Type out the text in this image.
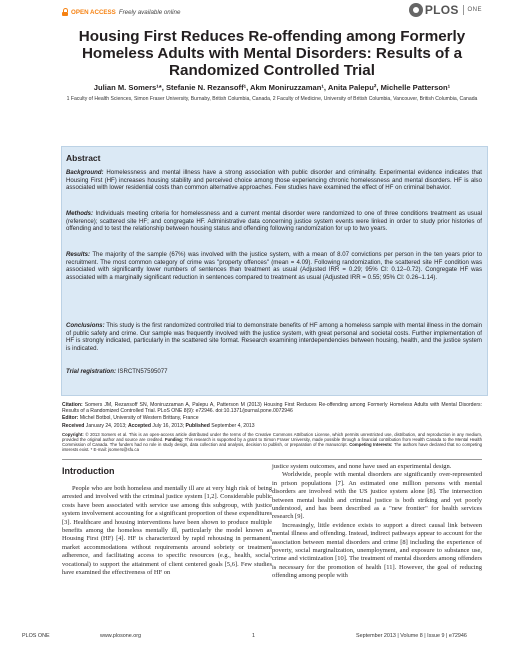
OPEN ACCESS Freely available online	PLOS ONE
Housing First Reduces Re-offending among Formerly Homeless Adults with Mental Disorders: Results of a Randomized Controlled Trial
Julian M. Somers¹*, Stefanie N. Rezansoff¹, Akm Moniruzzaman¹, Anita Palepu², Michelle Patterson¹
1 Faculty of Health Sciences, Simon Fraser University, Burnaby, British Columbia, Canada, 2 Faculty of Medicine, University of British Columbia, Vancouver, British Columbia, Canada
Abstract
Background: Homelessness and mental illness have a strong association with public disorder and criminality. Experimental evidence indicates that Housing First (HF) increases housing stability and perceived choice among those experiencing chronic homelessness and mental disorders. HF is also associated with lower residential costs than common alternative approaches. Few studies have examined the effect of HF on criminal behavior.
Methods: Individuals meeting criteria for homelessness and a current mental disorder were randomized to one of three conditions treatment as usual (reference); scattered site HF; and congregate HF. Administrative data concerning justice system events were linked in order to study prior histories of offending and to test the relationship between housing status and offending following randomization for up to two years.
Results: The majority of the sample (67%) was involved with the justice system, with a mean of 8.07 convictions per person in the ten years prior to recruitment. The most common category of crime was "property offences" (mean = 4.09). Following randomization, the scattered site HF condition was associated with significantly lower numbers of sentences than treatment as usual (Adjusted IRR = 0.29; 95% CI: 0.12–0.72). Congregate HF was associated with a marginally significant reduction in sentences compared to treatment as usual (Adjusted IRR = 0.55; 95% CI: 0.26–1.14).
Conclusions: This study is the first randomized controlled trial to demonstrate benefits of HF among a homeless sample with mental illness in the domain of public safety and crime. Our sample was frequently involved with the justice system, with great personal and societal costs. Further implementation of HF is strongly indicated, particularly in the scattered site format. Research examining interdependencies between housing, health, and the justice system is indicated.
Trial registration: ISRCTN57595077
Citation: Somers JM, Rezansoff SN, Moniruzzaman A, Palepu A, Patterson M (2013) Housing First Reduces Re-offending among Formerly Homeless Adults with Mental Disorders: Results of a Randomized Controlled Trial. PLoS ONE 8(9): e72946. doi:10.1371/journal.pone.0072946
Editor: Michel Botbol, University of Western Brittany, France
Received January 24, 2013; Accepted July 16, 2013; Published September 4, 2013
Copyright: © 2013 Somers et al. This is an open-access article distributed under the terms of the Creative Commons Attribution License, which permits unrestricted use, distribution, and reproduction in any medium, provided the original author and source are credited. Funding: This research is supported by a grant to Simon Fraser University, made possible through a financial contribution from Health Canada to the Mental Health Commission of Canada. The funders had no role in study design, data collection and analysis, decision to publish, or preparation of the manuscript. Competing Interests: The authors have declared that no competing interests exist. * E-mail: jsomers@sfu.ca
Introduction

People who are both homeless and mentally ill are at very high risk of being arrested and involved with the criminal justice system [1,2]. Considerable public costs have been associated with service use among this subgroup, with justice system involvement accounting for a significant proportion of these expenditures [3]. Healthcare and housing interventions have been shown to produce multiple benefits among the homeless mentally ill, particularly the model known as Housing First (HF) [4]. HF is characterized by rapid rehousing in permanent, market accommodations without requirements around sobriety or treatment adherence, and facilitating access to specific resources (e.g., health, social, vocational) to support the attainment of client centered goals [5,6]. Few studies have examined the effectiveness of HF on

justice system outcomes, and none have used an experimental design.

Worldwide, people with mental disorders are significantly over-represented in prison populations [7]. An estimated one million persons with mental disorders are involved with the US justice system alone [8]. The intersection between mental health and criminal justice is both striking and yet poorly understood, and has been described as a "new frontier" for health services research [9].

Increasingly, little evidence exists to support a direct causal link between mental illness and offending. Instead, indirect pathways appear to account for the association between mental disorders and crime [8] including the experience of poverty, social marginalization, unemployment, and exposure to substance use, crime and victimization [10]. The treatment of mental disorders among offenders is necessary for the promotion of health [11]. However, the goal of reducing offending among people with

PLOS ONE	www.plosone.org	1	September 2013 | Volume 8 | Issue 9 | e72946
